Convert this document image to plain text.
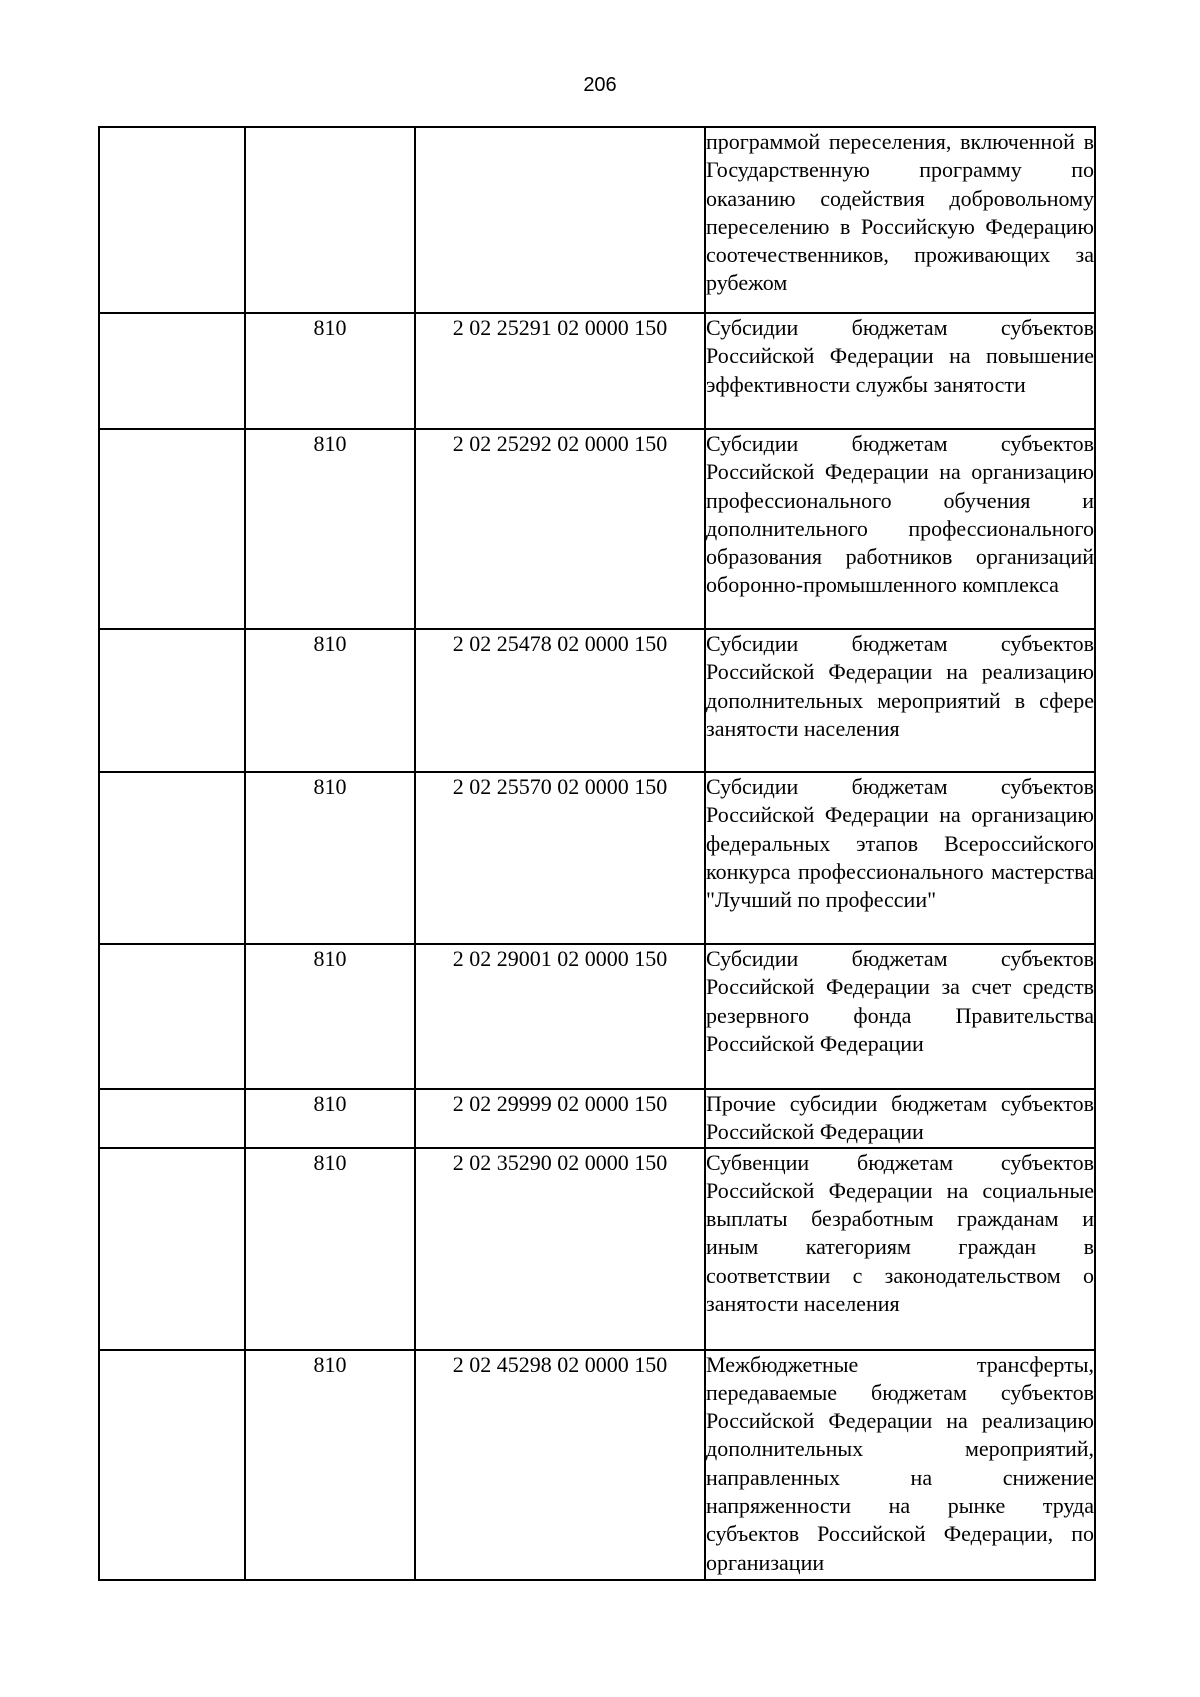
206
			программой переселения, включенной в Государственную программу по оказанию содействия добровольному переселению в Российскую Федерацию соотечественников, проживающих за рубежом
	810	2 02 25291 02 0000 150	Субсидии бюджетам субъектов Российской Федерации на повышение эффективности службы занятости
	810	2 02 25292 02 0000 150	Субсидии бюджетам субъектов Российской Федерации на организацию профессионального обучения и дополнительного профессионального образования работников организаций оборонно-промышленного комплекса
	810	2 02 25478 02 0000 150	Субсидии бюджетам субъектов Российской Федерации на реализацию дополнительных мероприятий в сфере занятости населения
	810	2 02 25570 02 0000 150	Субсидии бюджетам субъектов Российской Федерации на организацию федеральных этапов Всероссийского конкурса профессионального мастерства "Лучший по профессии"
	810	2 02 29001 02 0000 150	Субсидии бюджетам субъектов Российской Федерации за счет средств резервного фонда Правительства Российской Федерации
	810	2 02 29999 02 0000 150	Прочие субсидии бюджетам субъектов Российской Федерации
	810	2 02 35290 02 0000 150	Субвенции бюджетам субъектов Российской Федерации на социальные выплаты безработным гражданам и иным категориям граждан в соответствии с законодательством о занятости населения
	810	2 02 45298 02 0000 150	Межбюджетные трансферты, передаваемые бюджетам субъектов Российской Федерации на реализацию дополнительных мероприятий, направленных на снижение напряженности на рынке труда субъектов Российской Федерации, по организации
